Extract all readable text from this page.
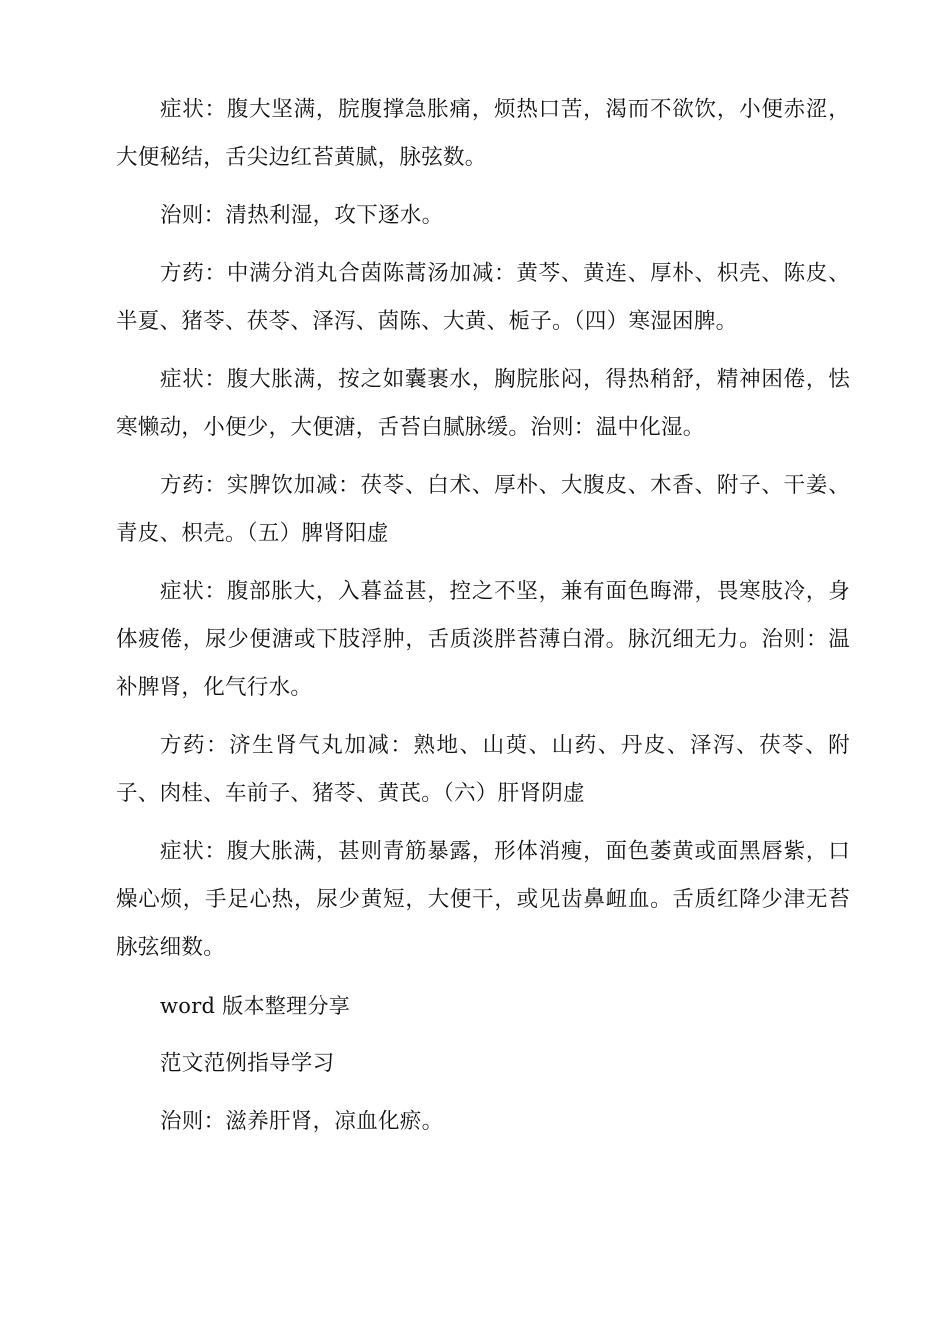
症状：腹大坚满，脘腹撑急胀痛，烦热口苦，渴而不欲饮，小便赤涩，大便秘结，舌尖边红苔黄腻，脉弦数。

治则：清热利湿，攻下逐水。

方药：中满分消丸合茵陈蒿汤加减：黄芩、黄连、厚朴、枳壳、陈皮、半夏、猪苓、茯苓、泽泻、茵陈、大黄、栀子。（四）寒湿困脾。

症状：腹大胀满，按之如囊裹水，胸脘胀闷，得热稍舒，精神困倦，怯寒懒动，小便少，大便溏，舌苔白腻脉缓。治则：温中化湿。

方药：实脾饮加减：茯苓、白术、厚朴、大腹皮、木香、附子、干姜、青皮、枳壳。（五）脾肾阳虚

症状：腹部胀大，入暮益甚，控之不坚，兼有面色晦滞，畏寒肢冷，身体疲倦，尿少便溏或下肢浮肿，舌质淡胖苔薄白滑。脉沉细无力。治则：温补脾肾，化气行水。

方药：济生肾气丸加减：熟地、山萸、山药、丹皮、泽泻、茯苓、附子、肉桂、车前子、猪苓、黄芪。（六）肝肾阴虚

症状：腹大胀满，甚则青筋暴露，形体消瘦，面色萎黄或面黑唇紫，口燥心烦，手足心热，尿少黄短，大便干，或见齿鼻衄血。舌质红降少津无苔脉弦细数。

word 版本整理分享

范文范例指导学习

治则：滋养肝肾，凉血化瘀。
